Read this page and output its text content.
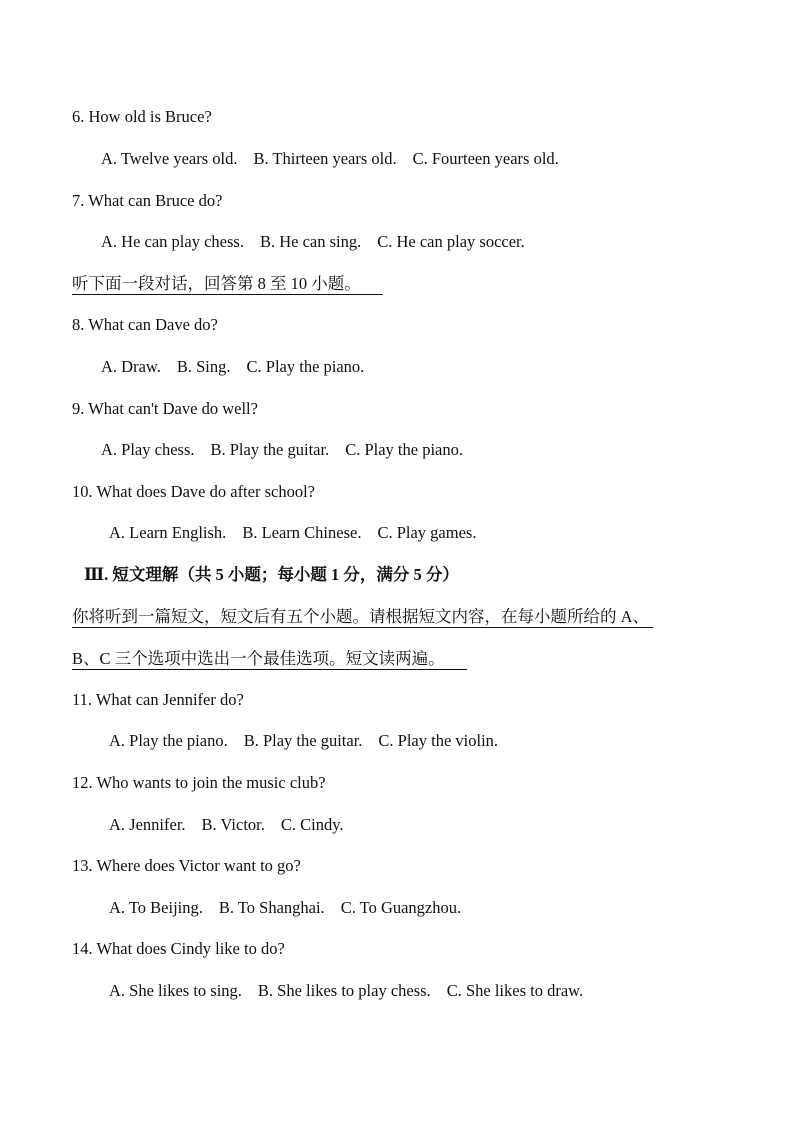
6. How old is Bruce?
A. Twelve years old. B. Thirteen years old. C. Fourteen years old.
7. What can Bruce do?
A. He can play chess. B. He can sing. C. He can play soccer.
听下面一段对话，回答第 8 至 10 小题。
8. What can Dave do?
A. Draw. B. Sing. C. Play the piano.
9. What can't Dave do well?
A. Play chess. B. Play the guitar. C. Play the piano.
10. What does Dave do after school?
A. Learn English. B. Learn Chinese. C. Play games.
Ⅲ. 短文理解（共 5 小题；每小题 1 分，满分 5 分）
你将听到一篇短文，短文后有五个小题。请根据短文内容，在每小题所给的 A、
B、C 三个选项中选出一个最佳选项。短文读两遍。
11. What can Jennifer do?
A. Play the piano. B. Play the guitar. C. Play the violin.
12. Who wants to join the music club?
A. Jennifer. B. Victor. C. Cindy.
13. Where does Victor want to go?
A. To Beijing. B. To Shanghai. C. To Guangzhou.
14. What does Cindy like to do?
A. She likes to sing. B. She likes to play chess. C. She likes to draw.
